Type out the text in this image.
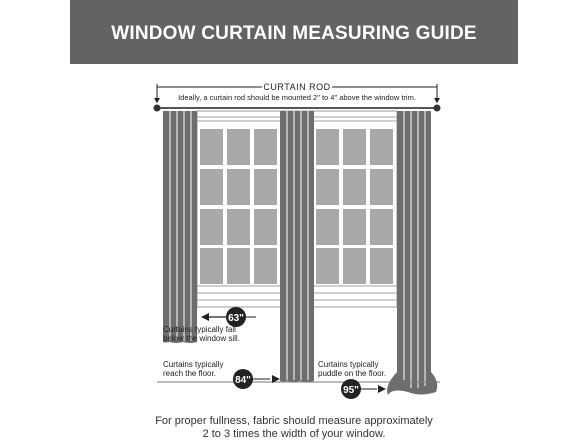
WINDOW CURTAIN MEASURING GUIDE
CURTAIN ROD
Ideally, a curtain rod should be mounted 2" to 4" above the window trim.
63"
Curtains typically fall
below the window sill.
84"
Curtains typically
reach the floor.
95"
Curtains typically
puddle on the floor.
For proper fullness, fabric should measure approximately
2 to 3 times the width of your window.
